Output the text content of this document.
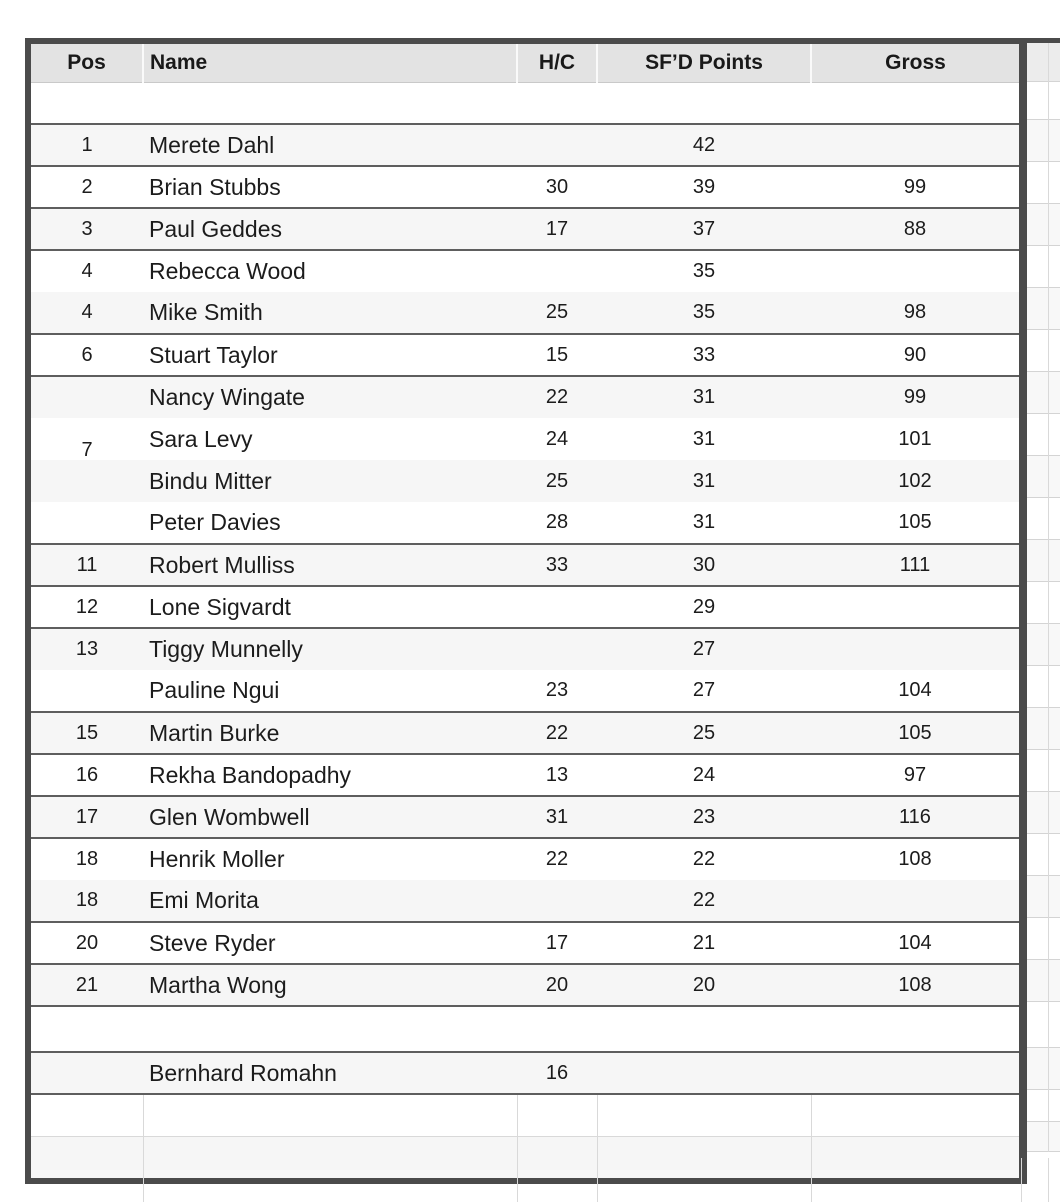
Pos	Name	H/C	SF’D Points	Gross

1	Merete Dahl		42	
2	Brian Stubbs	30	39	99
3	Paul Geddes	17	37	88
4	Rebecca Wood		35	
4	Mike Smith	25	35	98
6	Stuart Taylor	15	33	90
	Nancy Wingate	22	31	99
7	Sara Levy	24	31	101
	Bindu Mitter	25	31	102
	Peter Davies	28	31	105
11	Robert Mulliss	33	30	111
12	Lone Sigvardt		29	
13	Tiggy Munnelly		27	
	Pauline Ngui	23	27	104
15	Martin Burke	22	25	105
16	Rekha Bandopadhy	13	24	97
17	Glen Wombwell	31	23	116
18	Henrik Moller	22	22	108
18	Emi Morita		22	
20	Steve Ryder	17	21	104
21	Martha Wong	20	20	108

	Bernhard Romahn	16		
